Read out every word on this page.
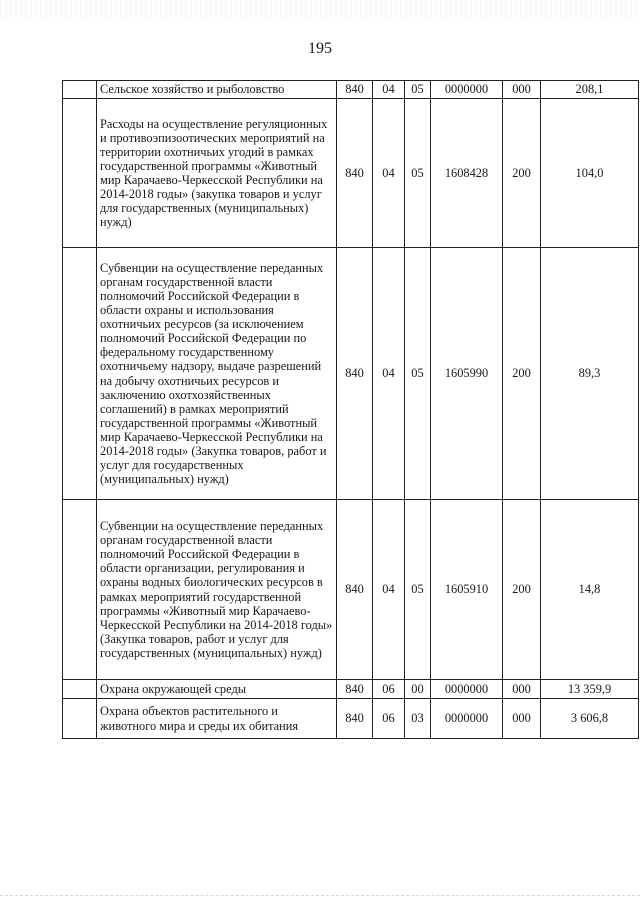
195
	Сельское хозяйство и рыболовство	840	04	05	0000000	000	208,1
	Расходы на осуществление регуляционных и противоэпизоотических мероприятий на территории охотничьих угодий в рамках государственной программы «Животный мир Карачаево-Черкесской Республики на 2014-2018 годы» (закупка товаров и услуг для государственных (муниципальных) нужд)	840	04	05	1608428	200	104,0
	Субвенции на осуществление переданных органам государственной власти полномочий Российской Федерации в области охраны и использования охотничьих ресурсов (за исключением полномочий Российской Федерации по федеральному государственному охотничьему надзору, выдаче разрешений на добычу охотничьих ресурсов и заключению охотхозяйственных соглашений) в рамках мероприятий государственной программы «Животный мир Карачаево-Черкесской Республики на 2014-2018 годы» (Закупка товаров, работ и услуг для государственных (муниципальных) нужд)	840	04	05	1605990	200	89,3
	Субвенции на осуществление переданных органам государственной власти полномочий Российской Федерации в области организации, регулирования и охраны водных биологических ресурсов в рамках мероприятий государственной программы «Животный мир Карачаево-Черкесской Республики на 2014-2018 годы» (Закупка товаров, работ и услуг для государственных (муниципальных) нужд)	840	04	05	1605910	200	14,8
	Охрана окружающей среды	840	06	00	0000000	000	13 359,9
	Охрана объектов растительного и животного мира и среды их обитания	840	06	03	0000000	000	3 606,8
